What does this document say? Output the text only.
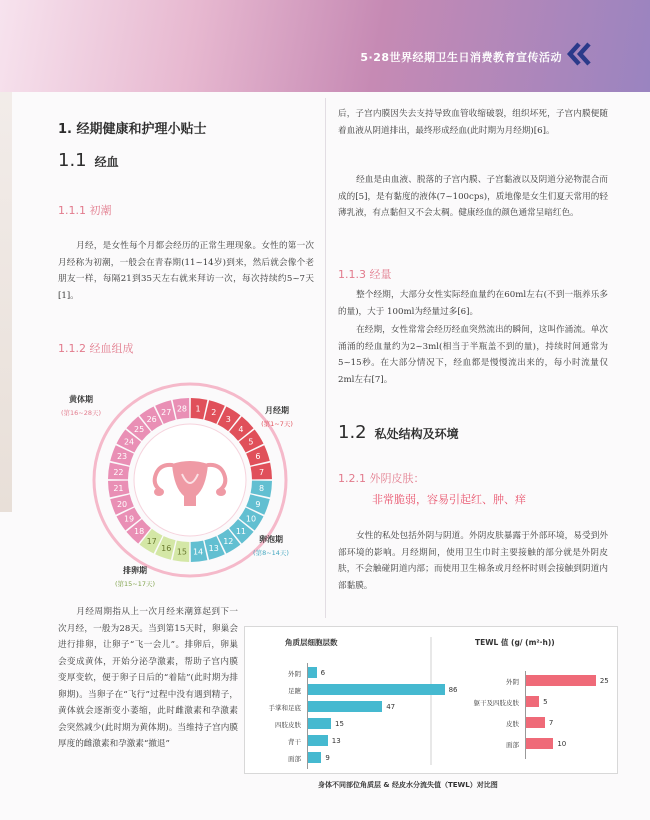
5·28世界经期卫生日消费教育宣传活动
1. 经期健康和护理小贴士
1.1 经血
1.1.1 初潮
月经，是女性每个月都会经历的正常生理现象。女性的第一次月经称为初潮，一般会在青春期(11~14岁)到来，然后就会像个老朋友一样，每隔21到35天左右就来拜访一次，每次持续约5~7天[1]。
1.1.2 经血组成
1 2
3
4
5
6
7
8
9
10
11
12
13
14
15
16
17
18
19
20
21
22
23
24
25
26
27 28
黄体期
(第16~28天)	月经期
(第1~7天)
卵泡期
(第8~14天)
排卵期
(第15~17天)
月经周期指从上一次月经来潮算起到下一次月经，一般为28天。当到第15天时，卵巢会进行排卵，让卵子“飞一会儿”。排卵后，卵巢会变成黄体，开始分泌孕激素，帮助子宫内膜变厚变软，便于卵子日后的“着陆”(此时期为排卵期)。当卵子在“飞行”过程中没有遇到精子，黄体就会逐渐变小萎缩，此时雌激素和孕激素会突然减少(此时期为黄体期)。当维持子宫内膜厚度的雌激素和孕激素“撤退”
后，子宫内膜因失去支持导致血管收缩破裂，组织坏死，子宫内膜便随着血液从阴道排出，最终形成经血(此时期为月经期)[6]。
经血是由血液、脱落的子宫内膜、子宫黏液以及阴道分泌物混合而成的[5]，是有黏度的液体(7~100cps)，质地像是女生们夏天常用的轻薄乳液，有点黏但又不会太稠。健康经血的颜色通常呈暗红色。
1.1.3 经量
整个经期，大部分女性实际经血量约在60ml左右(不到一瓶养乐多的量)，大于 100ml为经量过多[6]。
在经期，女性常常会经历经血突然流出的瞬间，这叫作涌流。单次涌涌的经血量约为2~3ml(相当于半瓶盖不到的量)，持续时间通常为5~15秒。在大部分情况下，经血都是慢慢流出来的，每小时流量仅2ml左右[7]。
1.2 私处结构及环境
1.2.1 外阴皮肤：
非常脆弱，容易引起红、肿、痒
女性的私处包括外阴与阴道。外阴皮肤暴露于外部环境，易受到外部环境的影响。月经期间，使用卫生巾时主要接触的部分就是外阴皮肤，不会触碰阴道内部；而使用卫生棉条或月经杯时则会接触到阴道内部黏膜。
角质层细胞层数
外阴	6
足蹠	86
手掌和足底	47
四肢皮肤	15
背干	13
面部	9
TEWL 值 (g/ (m²·h))
外阴	25
躯干及四肢皮肤	5
皮肤	7
面部	10
身体不同部位角质层 & 经皮水分流失值（TEWL）对比图
